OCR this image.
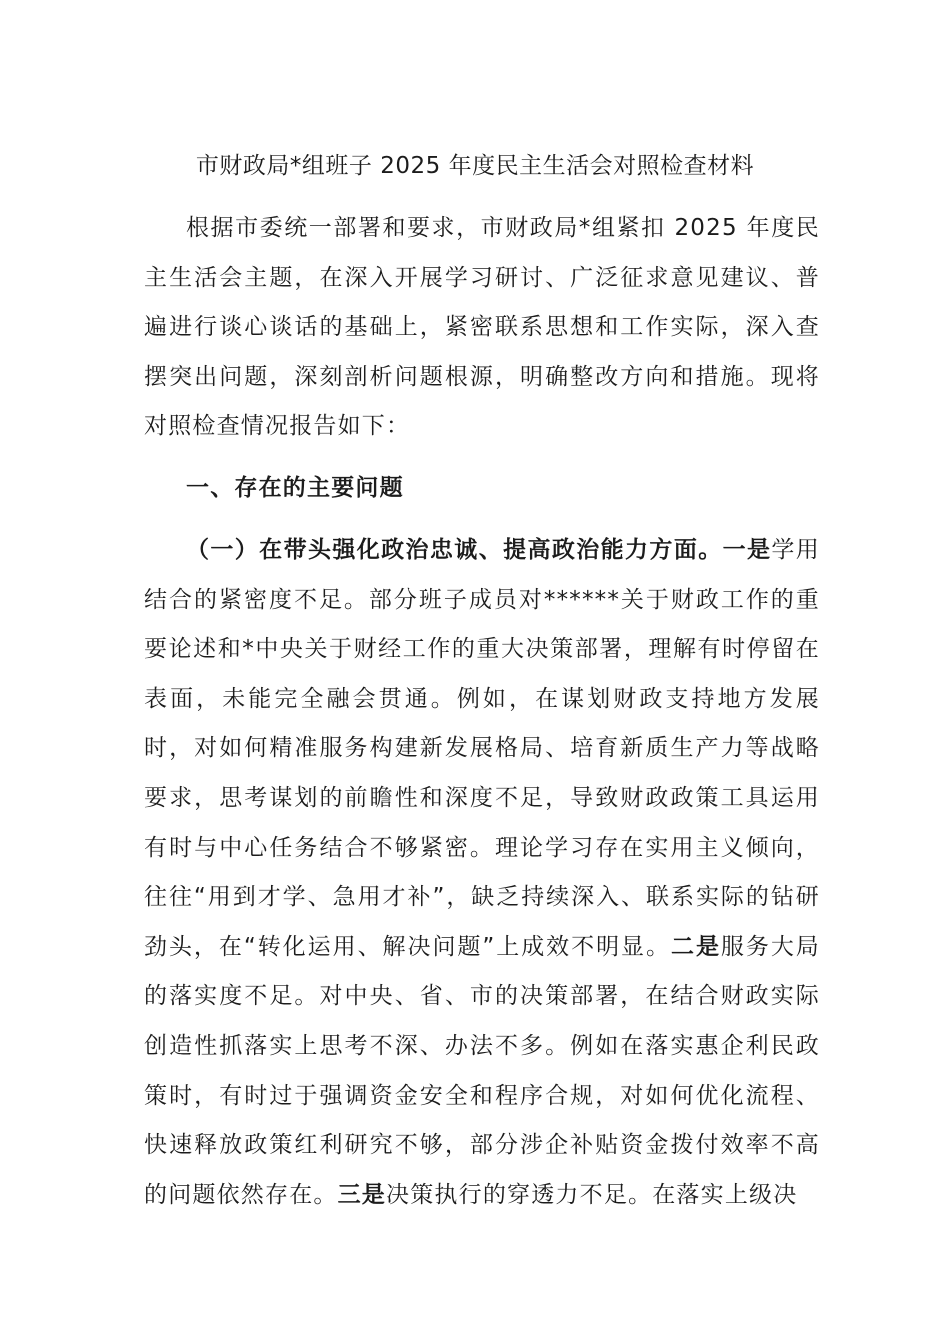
市财政局*组班子 2025 年度民主生活会对照检查材料
根据市委统一部署和要求，市财政局*组紧扣 2025 年度民主生活会主题，在深入开展学习研讨、广泛征求意见建议、普遍进行谈心谈话的基础上，紧密联系思想和工作实际，深入查摆突出问题，深刻剖析问题根源，明确整改方向和措施。现将对照检查情况报告如下：
一、存在的主要问题
（一）在带头强化政治忠诚、提高政治能力方面。一是学用结合的紧密度不足。部分班子成员对******关于财政工作的重要论述和*中央关于财经工作的重大决策部署，理解有时停留在表面，未能完全融会贯通。例如，在谋划财政支持地方发展时，对如何精准服务构建新发展格局、培育新质生产力等战略要求，思考谋划的前瞻性和深度不足，导致财政政策工具运用有时与中心任务结合不够紧密。理论学习存在实用主义倾向，往往“用到才学、急用才补”，缺乏持续深入、联系实际的钻研劲头，在“转化运用、解决问题”上成效不明显。二是服务大局的落实度不足。对中央、省、市的决策部署，在结合财政实际创造性抓落实上思考不深、办法不多。例如在落实惠企利民政策时，有时过于强调资金安全和程序合规，对如何优化流程、快速释放政策红利研究不够，部分涉企补贴资金拨付效率不高的问题依然存在。三是决策执行的穿透力不足。在落实上级决
